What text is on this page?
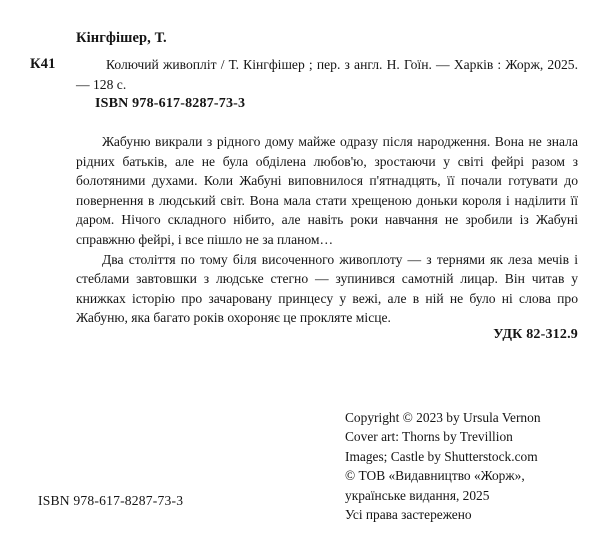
Кінгфішер, Т.
К41	Колючий живопліт / Т. Кінгфішер ; пер. з англ. Н. Гоїн. — Харків : Жорж, 2025. — 128 с.
ISBN 978-617-8287-73-3

Жабуню викрали з рідного дому майже одразу після народження. Вона не знала рідних батьків, але не була обділена любов'ю, зростаючи у світі фейрі разом з болотяними духами. Коли Жабуні виповнилося п'ятнадцять, її почали готувати до повернення в людський світ. Вона мала стати хрещеною доньки короля і наділити її даром. Нічого складного нібито, але навіть роки навчання не зробили із Жабуні справжню фейрі, і все пішло не за планом…

Два століття по тому біля височенного живоплоту — з тернями як леза мечів і стеблами завтовшки з людське стегно — зупинився самотній лицар. Він читав у книжках історію про зачаровану принцесу у вежі, але в ній не було ні слова про Жабуню, яка багато років охороняє це прокляте місце.

УДК 82-312.9
Copyright © 2023 by Ursula Vernon
Cover art: Thorns by Trevillion
Images; Castle by Shutterstock.com
© ТОВ «Видавництво «Жорж»,
українське видання, 2025
Усі права застережено
ISBN 978-617-8287-73-3
